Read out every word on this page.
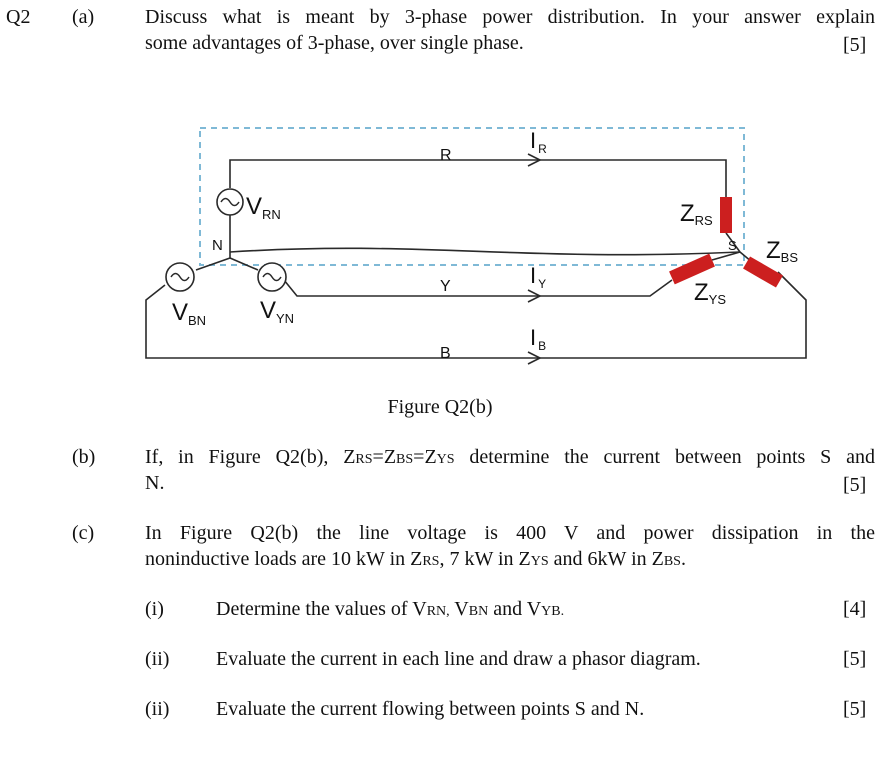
Q2 (a)	Discuss what is meant by 3-phase power distribution. In your answer explain
some advantages of 3-phase, over single phase.	[5]
R
Y
B
I $_R$
I $_Y$
I $_B$
$V_{RN}$
$V_{BN}$ $V_{YN}$
ZRS
ZBS
ZYS
N	S
Figure Q2(b)
(b) If, in Figure Q2(b), ZRS=ZBS=ZYS determine the current between points S and
N.	[5]
(c)	In Figure Q2(b) the line voltage is 400 V and power dissipation in the
noninductive loads are 10 kW in ZRS, 7 kW in ZYS and 6kW in ZBS.
(i)	Determine the values of VRN, VBN and VYB.	[4]
(ii) Evaluate the current in each line and draw a phasor diagram.	[5]
(ii) Evaluate the current flowing between points S and N.	[5]
